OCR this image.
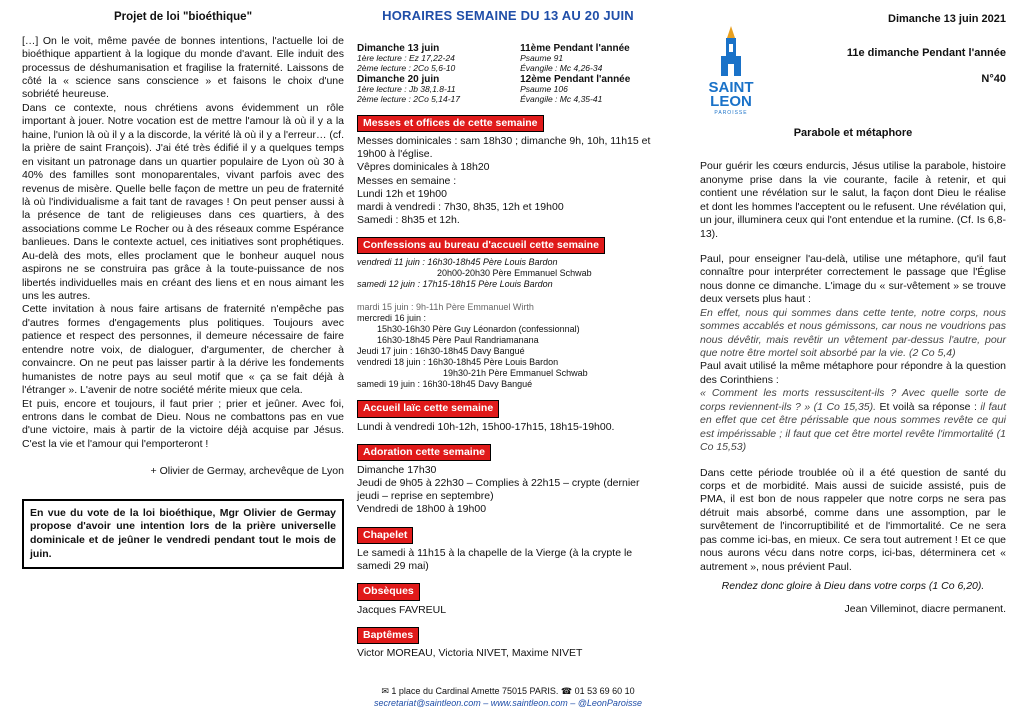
Projet de loi "bioéthique"

[…] On le voit, même pavée de bonnes intentions, l'actuelle loi de bioéthique appartient à la logique du monde d'avant. Elle induit des processus de déshumanisation et fragilise la fraternité. Laissons de côté la « science sans conscience » et faisons le choix d'une sobriété heureuse.

Dans ce contexte, nous chrétiens avons évidemment un rôle important à jouer. Notre vocation est de mettre l'amour là où il y a la haine, l'union là où il y a la discorde, la vérité là où il y a l'erreur… (cf. la prière de saint François). J'ai été très édifié il y a quelques temps en visitant un patronage dans un quartier populaire de Lyon où 30 à 40% des familles sont monoparentales, vivant parfois avec des revenus de misère. Quelle belle façon de mettre un peu de fraternité là où l'individualisme a fait tant de ravages ! On peut penser aussi à la présence de tant de religieuses dans ces quartiers, à des associations comme Le Rocher ou à des réseaux comme Espérance banlieues. Dans le contexte actuel, ces initiatives sont prophétiques. Au-delà des mots, elles proclament que le bonheur auquel nous aspirons ne se construira pas grâce à la toute-puissance de nos libertés individuelles mais en créant des liens et en nous aimant les uns les autres.

Cette invitation à nous faire artisans de fraternité n'empêche pas d'autres formes d'engagements plus politiques. Toujours avec patience et respect des personnes, il demeure nécessaire de faire entendre notre voix, de dialoguer, d'argumenter, de chercher à convaincre. On ne peut pas laisser partir à la dérive les fondements humanistes de notre pays au seul motif que « ça se fait déjà à l'étranger ». L'avenir de notre société mérite mieux que cela.

Et puis, encore et toujours, il faut prier ; prier et jeûner. Avec foi, entrons dans le combat de Dieu. Nous ne combattons pas en vue d'une victoire, mais à partir de la victoire déjà acquise par Jésus. C'est la vie et l'amour qui l'emporteront !

+ Olivier de Germay, archevêque de Lyon

En vue du vote de la loi bioéthique, Mgr Olivier de Germay propose d'avoir une intention lors de la prière universelle dominicale et de jeûner le vendredi pendant tout le mois de juin.
HORAIRES SEMAINE DU 13 AU 20 JUIN
Dimanche 13 juin
1ère lecture : Ez 17,22-24
2ème lecture : 2Co 5,6-10
Dimanche 20 juin
1ère lecture : Jb 38,1.8-11
2ème lecture : 2Co 5,14-17
11ème Pendant l'année
Psaume 91
Évangile : Mc 4,26-34
12ème Pendant l'année
Psaume 106
Évangile : Mc 4,35-41
Messes et offices de cette semaine
Messes dominicales : sam 18h30 ; dimanche 9h, 10h, 11h15 et 19h00 à l'église.
Vêpres dominicales à 18h20
Messes en semaine :
Lundi 12h et 19h00
mardi à vendredi : 7h30, 8h35, 12h et 19h00
Samedi : 8h35 et 12h.
Confessions au bureau d'accueil cette semaine
vendredi 11 juin : 16h30-18h45 Père Louis Bardon
20h00-20h30 Père Emmanuel Schwab
samedi 12 juin : 17h15-18h15 Père Louis Bardon
mardi 15 juin : 9h-11h Père Emmanuel Wirth
mercredi 16 juin :
15h30-16h30 Père Guy Léonardon (confessionnal)
16h30-18h45 Père Paul Randriamanana
Jeudi 17 juin : 16h30-18h45 Davy Bangué
vendredi 18 juin : 16h30-18h45 Père Louis Bardon
19h30-21h Père Emmanuel Schwab
samedi 19 juin : 16h30-18h45 Davy Bangué
Accueil laïc cette semaine
Lundi à vendredi 10h-12h, 15h00-17h15, 18h15-19h00.
Adoration cette semaine
Dimanche 17h30
Jeudi de 9h05 à 22h30 – Complies à 22h15 – crypte (dernier jeudi – reprise en septembre)
Vendredi de 18h00 à 19h00
Chapelet
Le samedi à 11h15 à la chapelle de la Vierge (à la crypte le samedi 29 mai)
Obsèques
Jacques FAVREUL
Baptêmes
Victor MOREAU, Victoria NIVET, Maxime NIVET
✉ 1 place du Cardinal Amette 75015 PARIS. ☎ 01 53 69 60 10
secretariat@saintleon.com – www.saintleon.com – @LeonParoisse
SAINT
LEON
PAROISSE
Dimanche 13 juin 2021
11e dimanche Pendant l'année
N°40
Parabole et métaphore

Pour guérir les cœurs endurcis, Jésus utilise la parabole, histoire anonyme prise dans la vie courante, facile à retenir, et qui contient une révélation sur le salut, la façon dont Dieu le réalise et dont les hommes l'acceptent ou le refusent. Une révélation qui, un jour, illuminera ceux qui l'ont entendue et la rumine. (Cf. Is 6,8-13).

Paul, pour enseigner l'au-delà, utilise une métaphore, qu'il faut connaître pour interpréter correctement le passage que l'Église nous donne ce dimanche. L'image du « sur-vêtement » se trouve deux versets plus haut :

En effet, nous qui sommes dans cette tente, notre corps, nous sommes accablés et nous gémissons, car nous ne voudrions pas nous dévêtir, mais revêtir un vêtement par-dessus l'autre, pour que notre être mortel soit absorbé par la vie. (2 Co 5,4)

Paul avait utilisé la même métaphore pour répondre à la question des Corinthiens :

« Comment les morts ressuscitent-ils ? Avec quelle sorte de corps reviennent-ils ? » (1 Co 15,35). Et voilà sa réponse : il faut en effet que cet être périssable que nous sommes revête ce qui est impérissable ; il faut que cet être mortel revête l'immortalité (1 Co 15,53)

Dans cette période troublée où il a été question de santé du corps et de morbidité. Mais aussi de suicide assisté, puis de PMA, il est bon de nous rappeler que notre corps ne sera pas détruit mais absorbé, comme dans une assomption, par le survêtement de l'incorruptibilité et de l'immortalité. Ce ne sera pas comme ici-bas, en mieux. Ce sera tout autrement ! Et ce que nous aurons vécu dans notre corps, ici-bas, déterminera cet « autrement », nous prévient Paul.

Rendez donc gloire à Dieu dans votre corps (1 Co 6,20).

Jean Villeminot, diacre permanent.
